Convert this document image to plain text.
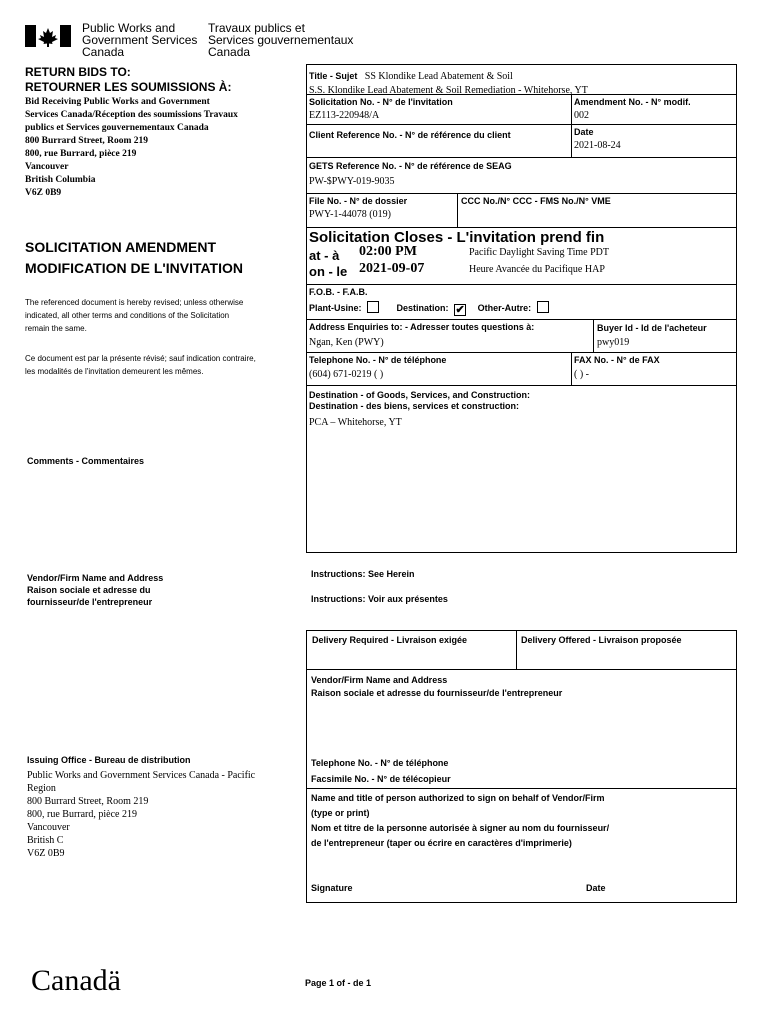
Public Works and
Government Services
Canada
Travaux publics et
Services gouvernementaux
Canada
RETURN BIDS TO:
RETOURNER LES SOUMISSIONS À:
Bid Receiving Public Works and Government
Services Canada/Réception des soumissions Travaux
publics et Services gouvernementaux Canada
800 Burrard Street, Room 219
800, rue Burrard, pièce 219
Vancouver
British Columbia
V6Z 0B9
SOLICITATION AMENDMENT
MODIFICATION DE L'INVITATION
The referenced document is hereby revised; unless otherwise
indicated, all other terms and conditions of the Solicitation
remain the same.
Ce document est par la présente révisé; sauf indication contraire,
les modalités de l'invitation demeurent les mêmes.
Comments - Commentaires
Vendor/Firm Name and Address
Raison sociale et adresse du
fournisseur/de l'entrepreneur
Issuing Office - Bureau de distribution
Public Works and Government Services Canada - Pacific
Region
800 Burrard Street, Room 219
800, rue Burrard, pièce 219
Vancouver
British C
V6Z 0B9
Title - Sujet SS Klondike Lead Abatement & Soil
S.S. Klondike Lead Abatement & Soil Remediation - Whitehorse, YT
Solicitation No. - N° de l'invitation
EZ113-220948/A
Amendment No. - N° modif.
002
Client Reference No. - N° de référence du client	Date
2021-08-24
GETS Reference No. - N° de référence de SEAG
PW-$PWY-019-9035
File No. - N° de dossier
PWY-1-44078 (019)
CCC No./N° CCC - FMS No./N° VME
Solicitation Closes - L'invitation prend fin
at - à 02:00 PM
on - le 2021-09-07
Pacific Daylight Saving Time PDT
Heure Avancée du Pacifique HAP
F.O.B. - F.A.B.
Plant-Usine:	Destination: ✔ Other-Autre:
Address Enquiries to: - Adresser toutes questions à:
Ngan, Ken (PWY)
Buyer Id - Id de l'acheteur
pwy019
Telephone No. - N° de téléphone
(604) 671-0219 ( )
FAX No. - N° de FAX
( ) -
Destination - of Goods, Services, and Construction:
Destination - des biens, services et construction:
PCA – Whitehorse, YT
Instructions: See Herein
Instructions: Voir aux présentes
Delivery Required - Livraison exigée	Delivery Offered - Livraison proposée
Vendor/Firm Name and Address
Raison sociale et adresse du fournisseur/de l'entrepreneur
Telephone No. - N° de téléphone
Facsimile No. - N° de télécopieur
Name and title of person authorized to sign on behalf of Vendor/Firm
(type or print)
Nom et titre de la personne autorisée à signer au nom du fournisseur/
de l'entrepreneur (taper ou écrire en caractères d'imprimerie)
Signature	Date
Canadä	Page 1 of - de 1
